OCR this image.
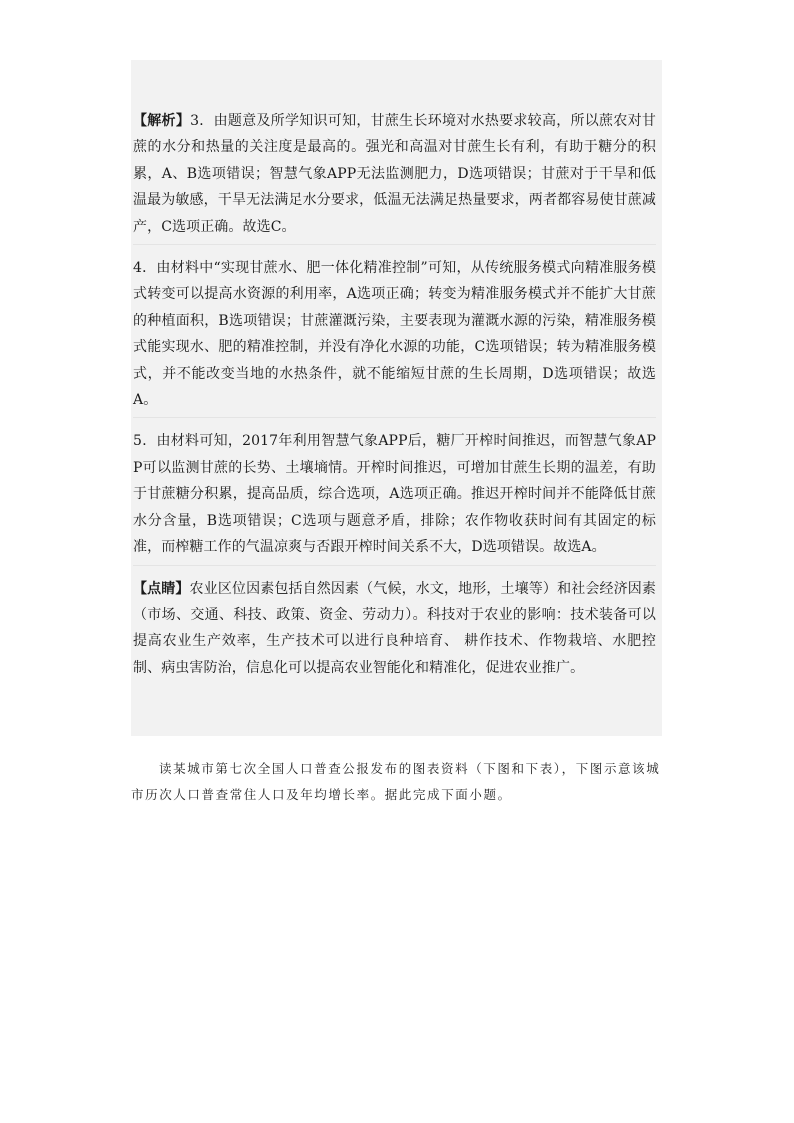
【解析】3．由题意及所学知识可知，甘蔗生长环境对水热要求较高，所以蔗农对甘蔗的水分和热量的关注度是最高的。强光和高温对甘蔗生长有利，有助于糖分的积累，A、B选项错误；智慧气象APP无法监测肥力，D选项错误；甘蔗对于干旱和低温最为敏感，干旱无法满足水分要求，低温无法满足热量要求，两者都容易使甘蔗减产，C选项正确。故选C。

4．由材料中“实现甘蔗水、肥一体化精准控制”可知，从传统服务模式向精准服务模式转变可以提高水资源的利用率，A选项正确；转变为精准服务模式并不能扩大甘蔗的种植面积，B选项错误；甘蔗灌溉污染，主要表现为灌溉水源的污染，精准服务模式能实现水、肥的精准控制，并没有净化水源的功能，C选项错误；转为精准服务模式，并不能改变当地的水热条件，就不能缩短甘蔗的生长周期，D选项错误；故选A。

5．由材料可知，2017年利用智慧气象APP后，糖厂开榨时间推迟，而智慧气象APP可以监测甘蔗的长势、土壤墒情。开榨时间推迟，可增加甘蔗生长期的温差，有助于甘蔗糖分积累，提高品质，综合选项，A选项正确。推迟开榨时间并不能降低甘蔗水分含量，B选项错误；C选项与题意矛盾，排除；农作物收获时间有其固定的标准，而榨糖工作的气温凉爽与否跟开榨时间关系不大，D选项错误。故选A。

【点睛】农业区位因素包括自然因素（气候，水文，地形，土壤等）和社会经济因素（市场、交通、科技、政策、资金、劳动力）。科技对于农业的影响：技术装备可以提高农业生产效率，生产技术可以进行良种培育、 耕作技术、作物栽培、水肥控制、病虫害防治，信息化可以提高农业智能化和精准化，促进农业推广。

读某城市第七次全国人口普查公报发布的图表资料（下图和下表），下图示意该城市历次人口普查常住人口及年均增长率。据此完成下面小题。
